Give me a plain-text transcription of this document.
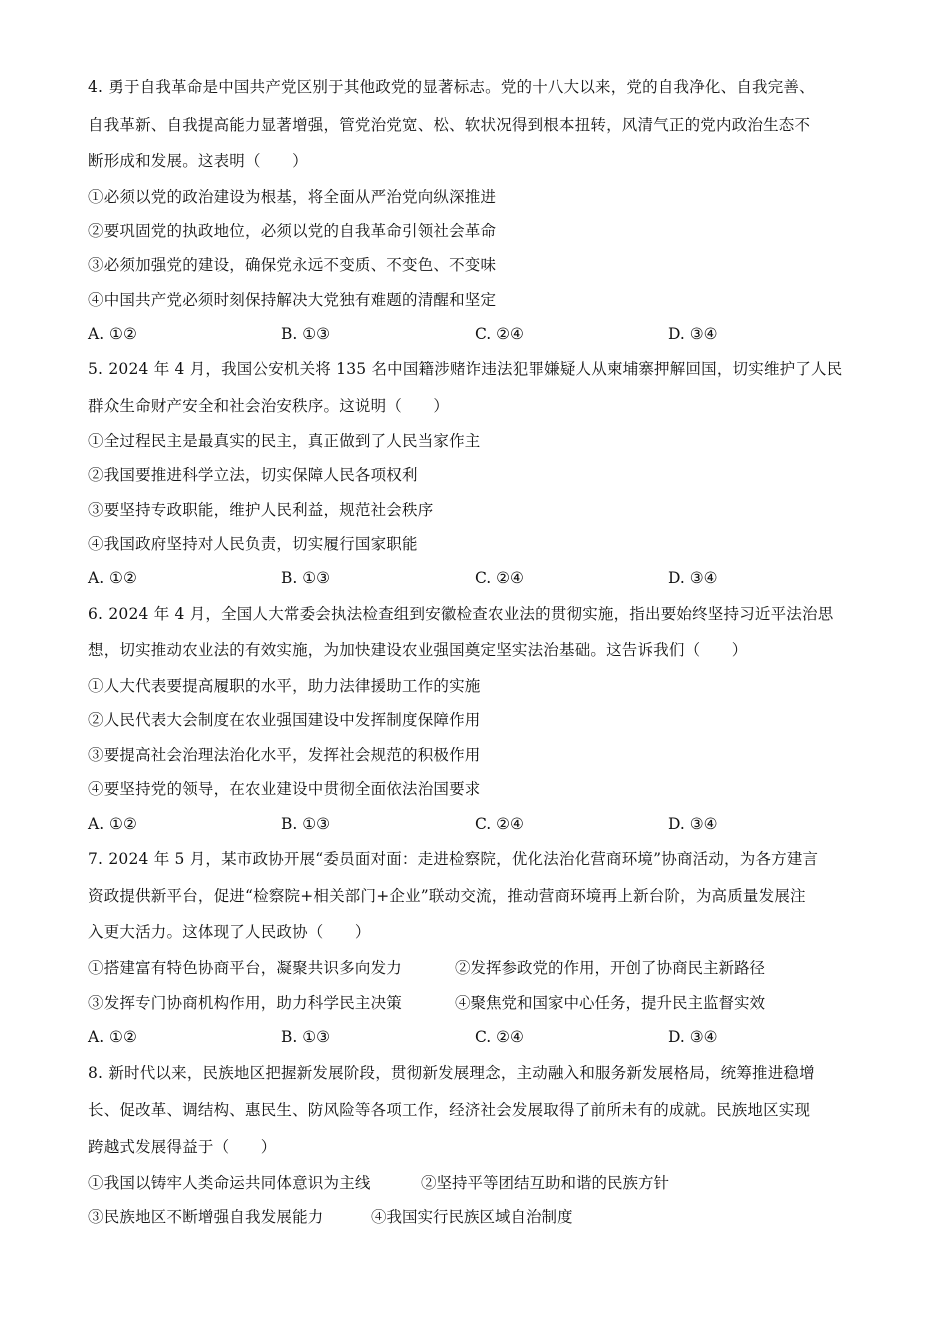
4. 勇于自我革命是中国共产党区别于其他政党的显著标志。党的十八大以来，党的自我净化、自我完善、
自我革新、自我提高能力显著增强，管党治党宽、松、软状况得到根本扭转，风清气正的党内政治生态不
断形成和发展。这表明（　　）
①必须以党的政治建设为根基，将全面从严治党向纵深推进
②要巩固党的执政地位，必须以党的自我革命引领社会革命
③必须加强党的建设，确保党永远不变质、不变色、不变味
④中国共产党必须时刻保持解决大党独有难题的清醒和坚定
A. ①②	B. ①③	C. ②④	D. ③④
5. 2024 年 4 月，我国公安机关将 135 名中国籍涉赌诈违法犯罪嫌疑人从柬埔寨押解回国，切实维护了人民
群众生命财产安全和社会治安秩序。这说明（　　）
①全过程民主是最真实的民主，真正做到了人民当家作主
②我国要推进科学立法，切实保障人民各项权利
③要坚持专政职能，维护人民利益，规范社会秩序
④我国政府坚持对人民负责，切实履行国家职能
A. ①②	B. ①③	C. ②④	D. ③④
6. 2024 年 4 月，全国人大常委会执法检查组到安徽检查农业法的贯彻实施，指出要始终坚持习近平法治思
想，切实推动农业法的有效实施，为加快建设农业强国奠定坚实法治基础。这告诉我们（　　）
①人大代表要提高履职的水平，助力法律援助工作的实施
②人民代表大会制度在农业强国建设中发挥制度保障作用
③要提高社会治理法治化水平，发挥社会规范的积极作用
④要坚持党的领导，在农业建设中贯彻全面依法治国要求
A. ①②	B. ①③	C. ②④	D. ③④
7. 2024 年 5 月，某市政协开展“委员面对面：走进检察院，优化法治化营商环境”协商活动，为各方建言
资政提供新平台，促进“检察院+相关部门+企业”联动交流，推动营商环境再上新台阶，为高质量发展注
入更大活力。这体现了人民政协（　　）
①搭建富有特色协商平台，凝聚共识多向发力	②发挥参政党的作用，开创了协商民主新路径
③发挥专门协商机构作用，助力科学民主决策	④聚焦党和国家中心任务，提升民主监督实效
A. ①②	B. ①③	C. ②④	D. ③④
8. 新时代以来，民族地区把握新发展阶段，贯彻新发展理念，主动融入和服务新发展格局，统筹推进稳增
长、促改革、调结构、惠民生、防风险等各项工作，经济社会发展取得了前所未有的成就。民族地区实现
跨越式发展得益于（　　）
①我国以铸牢人类命运共同体意识为主线	②坚持平等团结互助和谐的民族方针
③民族地区不断增强自我发展能力	④我国实行民族区域自治制度
